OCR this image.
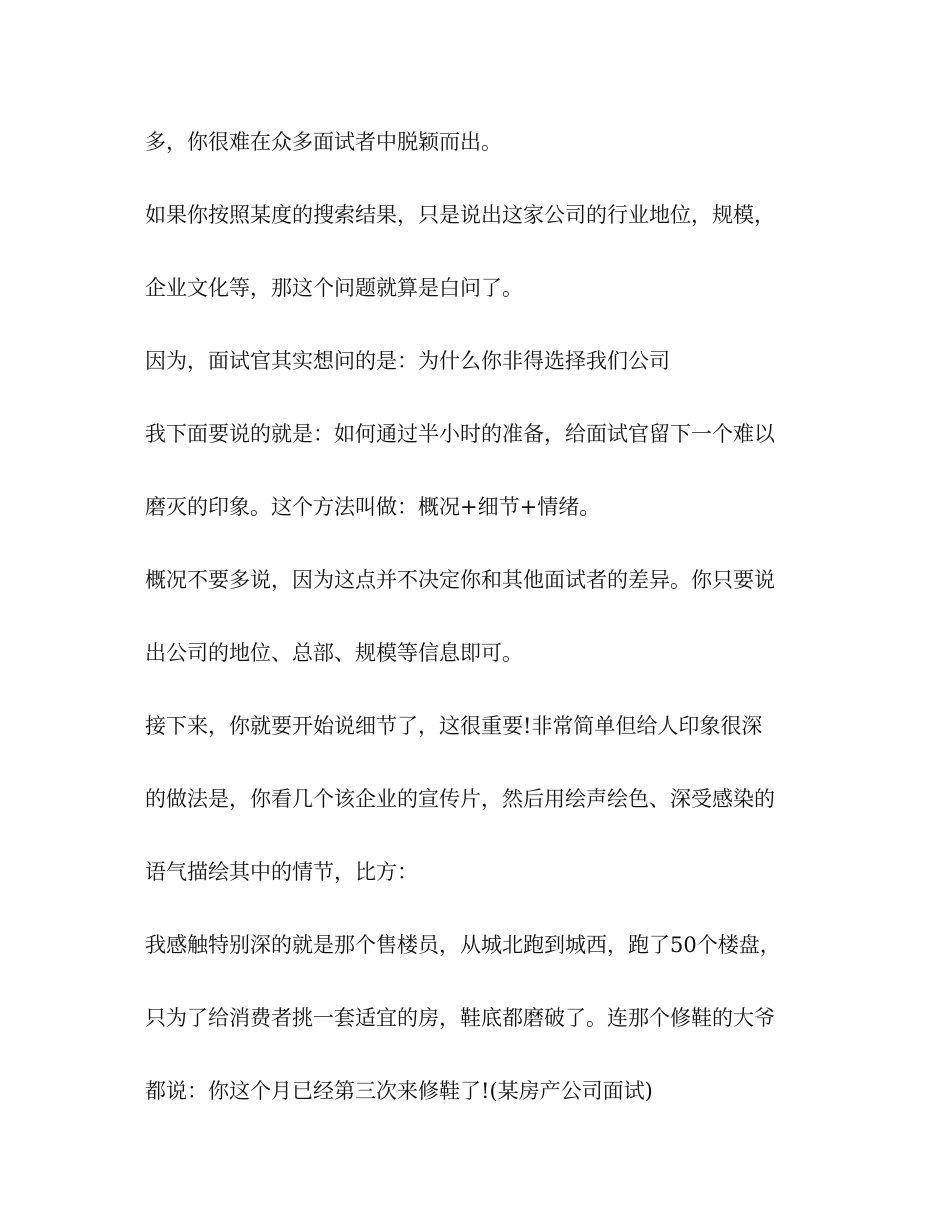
多，你很难在众多面试者中脱颖而出。
如果你按照某度的搜索结果，只是说出这家公司的行业地位，规模，
企业文化等，那这个问题就算是白问了。
因为，面试官其实想问的是：为什么你非得选择我们公司
我下面要说的就是：如何通过半小时的准备，给面试官留下一个难以
磨灭的印象。这个方法叫做：概况+细节+情绪。
概况不要多说，因为这点并不决定你和其他面试者的差异。你只要说
出公司的地位、总部、规模等信息即可。
接下来，你就要开始说细节了，这很重要!非常简单但给人印象很深
的做法是，你看几个该企业的宣传片，然后用绘声绘色、深受感染的
语气描绘其中的情节，比方：
我感触特别深的就是那个售楼员，从城北跑到城西，跑了50个楼盘，
只为了给消费者挑一套适宜的房，鞋底都磨破了。连那个修鞋的大爷
都说：你这个月已经第三次来修鞋了!(某房产公司面试)
